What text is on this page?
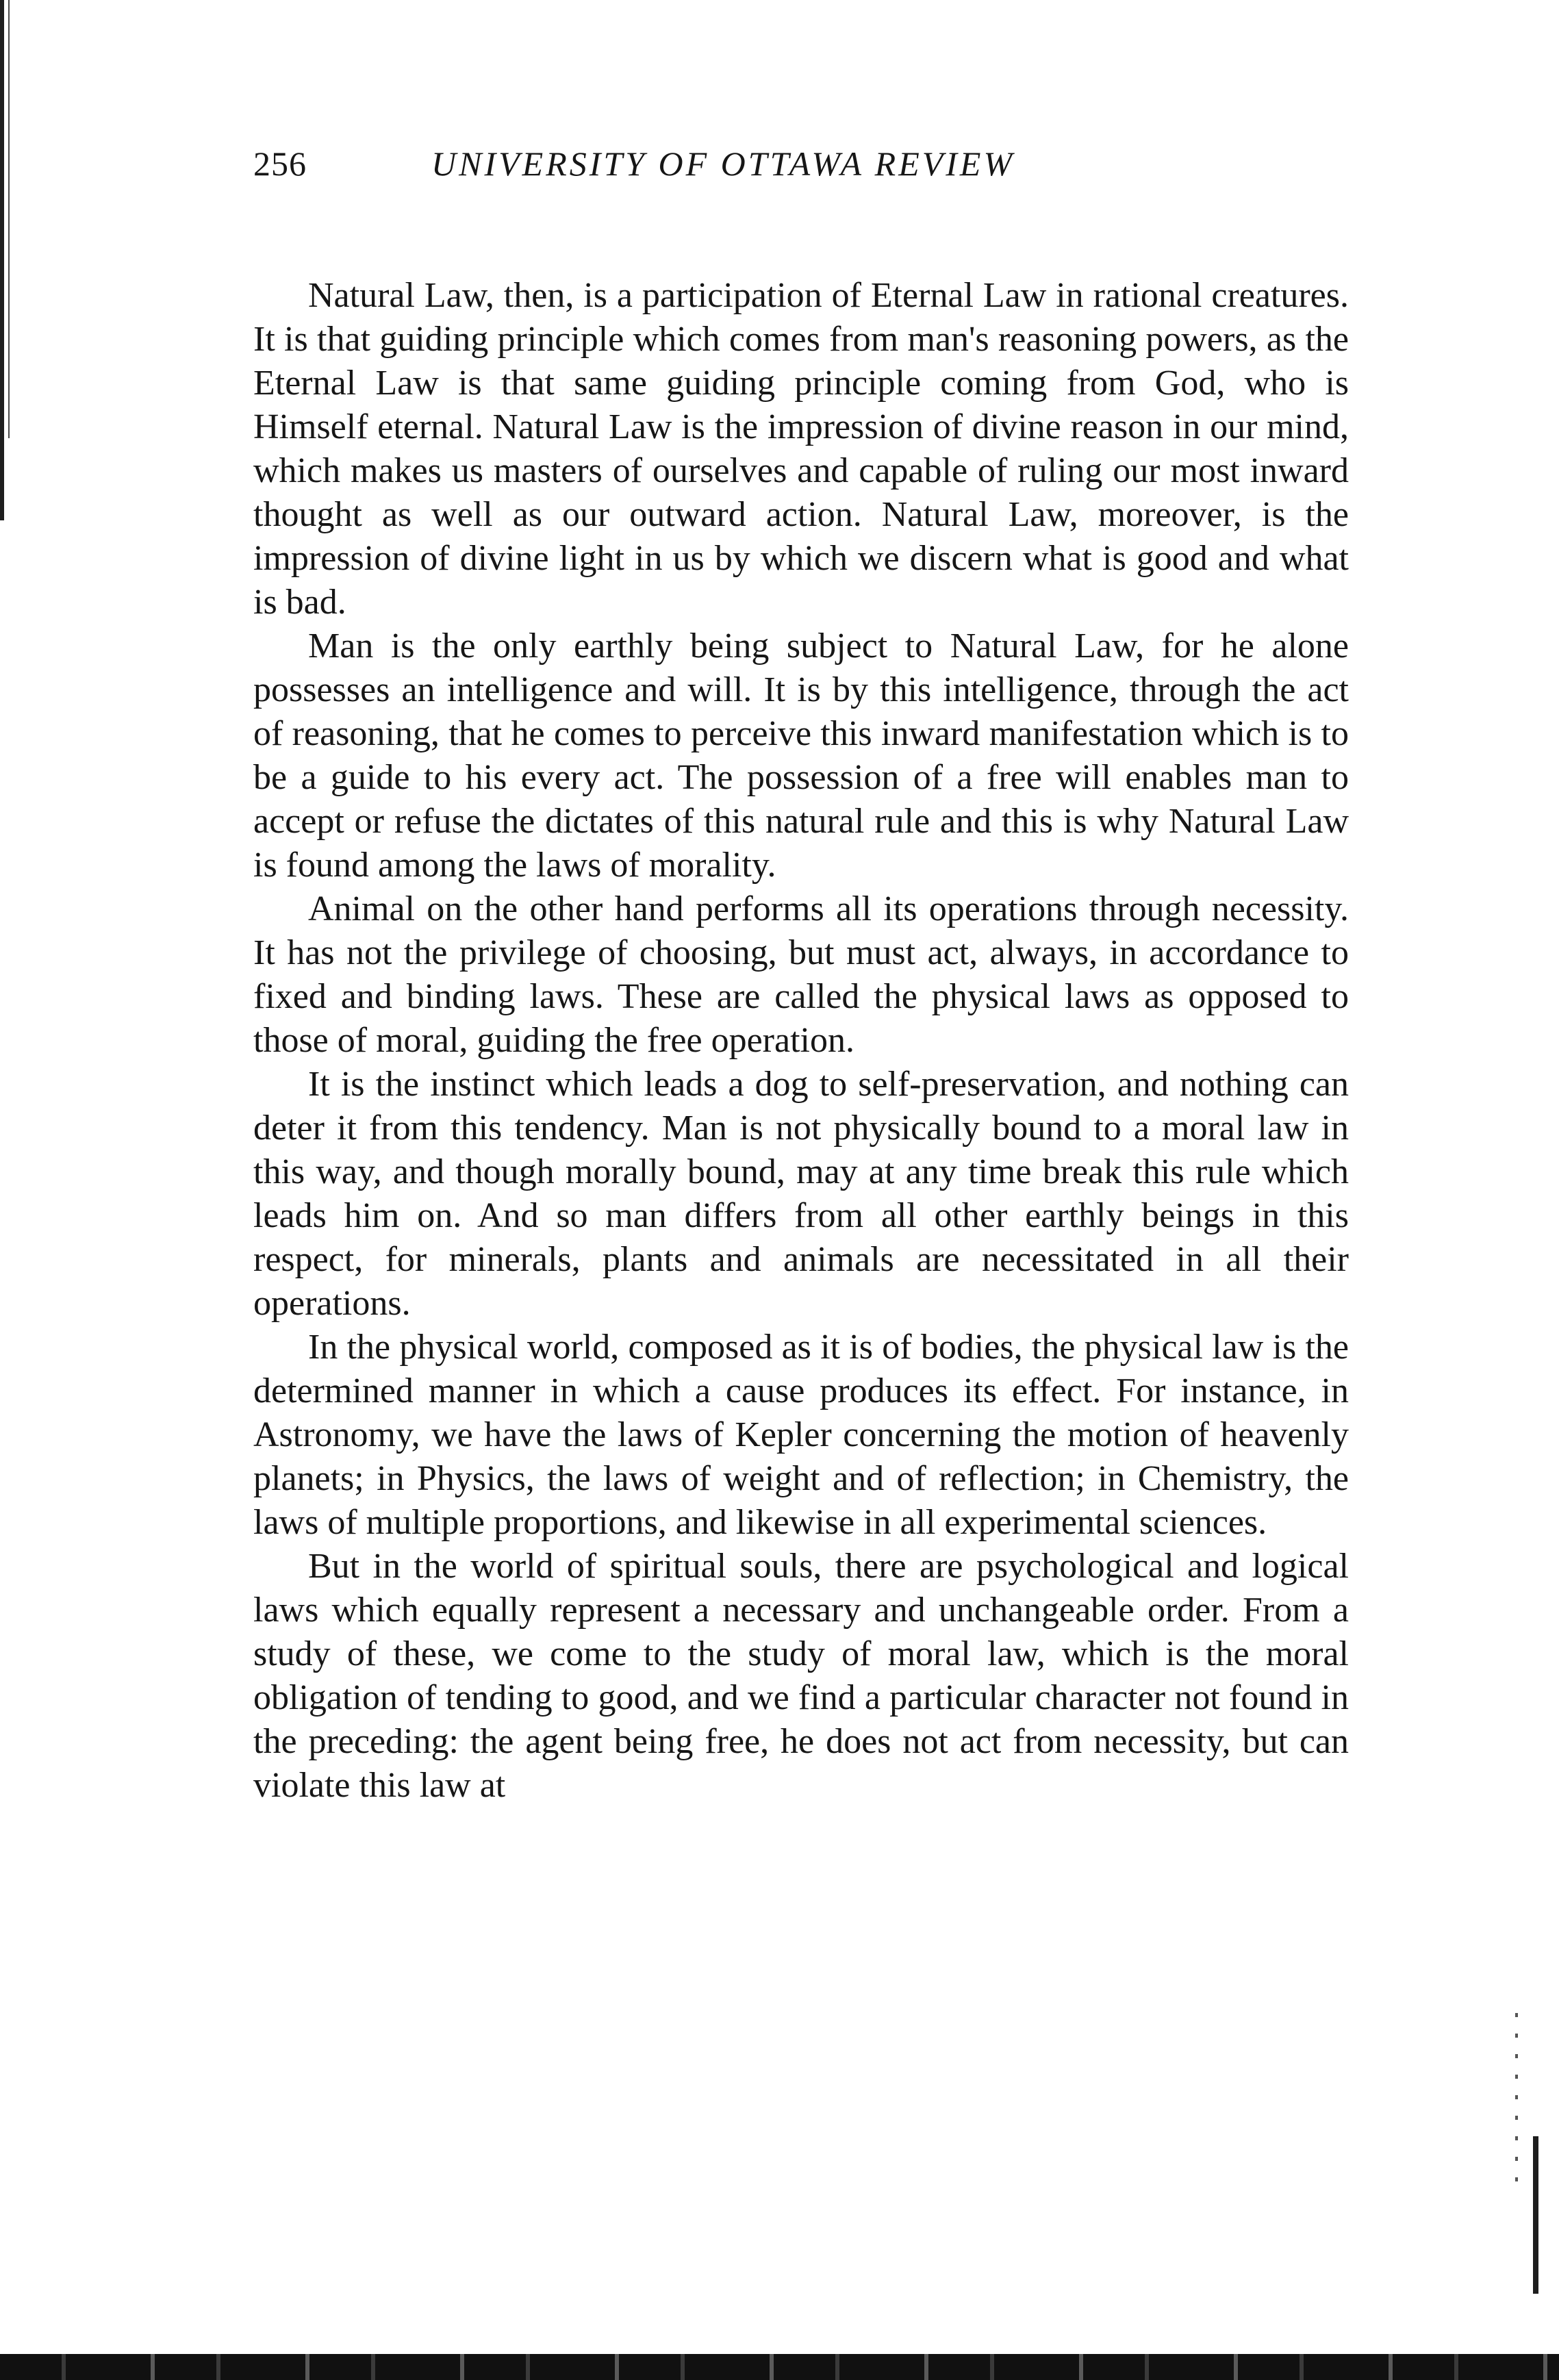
256	UNIVERSITY OF OTTAWA REVIEW

Natural Law, then, is a participation of Eternal Law in rational creatures. It is that guiding principle which comes from man's reasoning powers, as the Eternal Law is that same guiding principle coming from God, who is Himself eternal. Natural Law is the impression of divine reason in our mind, which makes us masters of ourselves and capable of ruling our most inward thought as well as our outward action. Natural Law, moreover, is the impression of divine light in us by which we discern what is good and what is bad.

Man is the only earthly being subject to Natural Law, for he alone possesses an intelligence and will. It is by this intelligence, through the act of reasoning, that he comes to perceive this inward manifestation which is to be a guide to his every act. The possession of a free will enables man to accept or refuse the dictates of this natural rule and this is why Natural Law is found among the laws of morality.

Animal on the other hand performs all its operations through necessity. It has not the privilege of choosing, but must act, always, in accordance to fixed and binding laws. These are called the physical laws as opposed to those of moral, guiding the free operation.

It is the instinct which leads a dog to self-preservation, and nothing can deter it from this tendency. Man is not physically bound to a moral law in this way, and though morally bound, may at any time break this rule which leads him on. And so man differs from all other earthly beings in this respect, for minerals, plants and animals are necessitated in all their operations.

In the physical world, composed as it is of bodies, the physical law is the determined manner in which a cause produces its effect. For instance, in Astronomy, we have the laws of Kepler concerning the motion of heavenly planets; in Physics, the laws of weight and of reflection; in Chemistry, the laws of multiple proportions, and likewise in all experimental sciences.

But in the world of spiritual souls, there are psychological and logical laws which equally represent a necessary and unchangeable order. From a study of these, we come to the study of moral law, which is the moral obligation of tending to good, and we find a particular character not found in the preceding: the agent being free, he does not act from necessity, but can violate this law at
